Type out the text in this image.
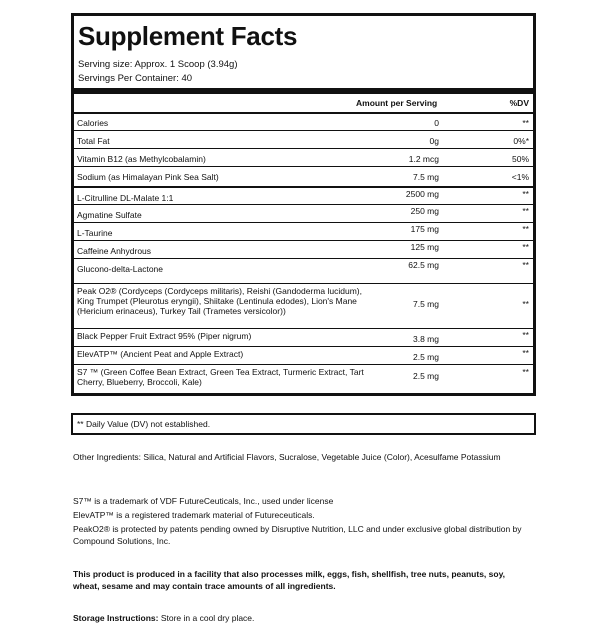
Supplement Facts
Serving size: Approx. 1 Scoop (3.94g)
Servings Per Container: 40
Amount per Serving	%DV
Calories	0	**
Total Fat	0g	0%*
Vitamin B12 (as Methylcobalamin)	1.2 mcg	50%
Sodium (as Himalayan Pink Sea Salt)	7.5 mg	<1%
L-Citrulline DL-Malate 1:1	2500 mg	**
Agmatine Sulfate	250 mg	**
L-Taurine	175 mg	**
Caffeine Anhydrous	125 mg	**
Glucono-delta-Lactone	62.5 mg	**
Peak O2® (Cordyceps (Cordyceps militaris), Reishi (Gandoderma lucidum), King Trumpet (Pleurotus eryngii), Shiitake (Lentinula edodes), Lion's Mane (Hericium erinaceus), Turkey Tail (Trametes versicolor))
7.5 mg	**
Black Pepper Fruit Extract 95% (Piper nigrum)	3.8 mg	**
ElevATP™ (Ancient Peat and Apple Extract)	2.5 mg	**
S7 ™ (Green Coffee Bean Extract, Green Tea Extract, Turmeric Extract, Tart Cherry, Blueberry, Broccoli, Kale)
2.5 mg	**
** Daily Value (DV) not established.
Other Ingredients: Silica, Natural and Artificial Flavors, Sucralose, Vegetable Juice (Color), Acesulfame Potassium
S7™ is a trademark of VDF FutureCeuticals, Inc., used under license
ElevATP™ is a registered trademark material of Futureceuticals.
PeakO2® is protected by patents pending owned by Disruptive Nutrition, LLC and under exclusive global distribution by Compound Solutions, Inc.
This product is produced in a facility that also processes milk, eggs, fish, shellfish, tree nuts, peanuts, soy, wheat, sesame and may contain trace amounts of all ingredients.
Storage Instructions: Store in a cool dry place.
